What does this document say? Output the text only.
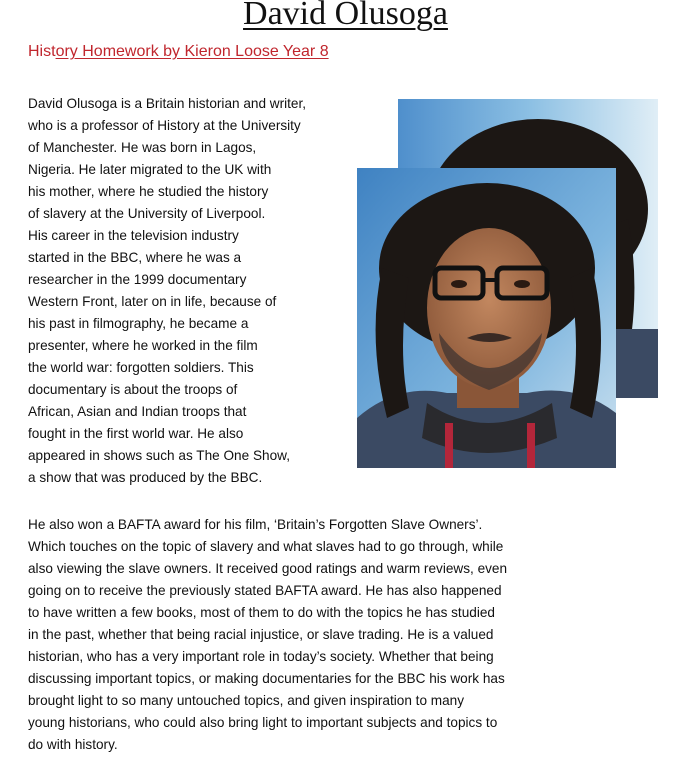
David Olusoga
History Homework by Kieron Loose Year 8

David Olusoga is a Britain historian and writer,
who is a professor of History at the University
of Manchester. He was born in Lagos,
Nigeria. He later migrated to the UK with
his mother, where he studied the history
of slavery at the University of Liverpool.
His career in the television industry
started in the BBC, where he was a
researcher in the 1999 documentary
Western Front, later on in life, because of
his past in filmography, he became a
presenter, where he worked in the film
the world war: forgotten soldiers. This
documentary is about the troops of
African, Asian and Indian troops that
fought in the first world war. He also
appeared in shows such as The One Show,
a show that was produced by the BBC.

He also won a BAFTA award for his film, ‘Britain’s Forgotten Slave Owners’.
Which touches on the topic of slavery and what slaves had to go through, while
also viewing the slave owners. It received good ratings and warm reviews, even
going on to receive the previously stated BAFTA award. He has also happened
to have written a few books, most of them to do with the topics he has studied
in the past, whether that being racial injustice, or slave trading. He is a valued
historian, who has a very important role in today’s society. Whether that being
discussing important topics, or making documentaries for the BBC his work has
brought light to so many untouched topics, and given inspiration to many
young historians, who could also bring light to important subjects and topics to
do with history.
